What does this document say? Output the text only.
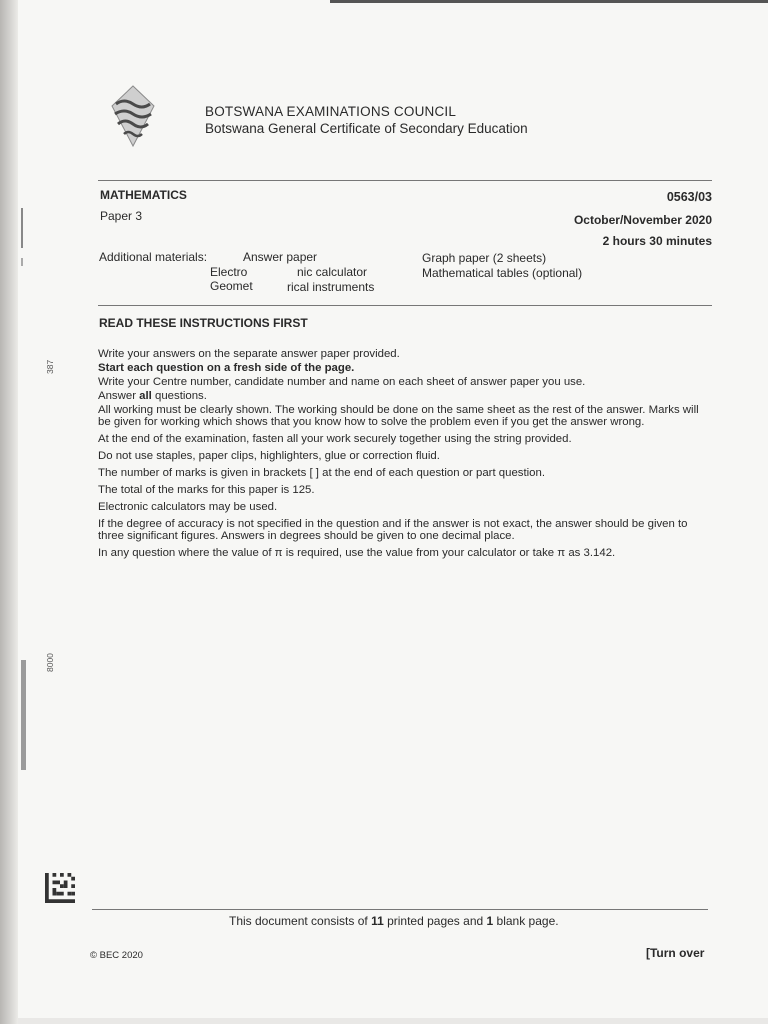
BOTSWANA EXAMINATIONS COUNCIL
Botswana General Certificate of Secondary Education
MATHEMATICS
Paper 3
0563/03
October/November 2020
2 hours 30 minutes
Additional materials:	Answer paper
Electro	nic calculator
Geomet	rical instruments
Graph paper (2 sheets)
Mathematical tables (optional)
READ THESE INSTRUCTIONS FIRST

Write your answers on the separate answer paper provided.

Start each question on a fresh side of the page.

Write your Centre number, candidate number and name on each sheet of answer paper you use.

Answer all questions.

All working must be clearly shown. The working should be done on the same sheet as the rest of the answer. Marks will be given for working which shows that you know how to solve the problem even if you get the answer wrong.

At the end of the examination, fasten all your work securely together using the string provided.

Do not use staples, paper clips, highlighters, glue or correction fluid.

The number of marks is given in brackets [ ] at the end of each question or part question.

The total of the marks for this paper is 125.

Electronic calculators may be used.

If the degree of accuracy is not specified in the question and if the answer is not exact, the answer should be given to three significant figures. Answers in degrees should be given to one decimal place.

In any question where the value of π is required, use the value from your calculator or take π as 3.142.

387
8000
This document consists of 11 printed pages and 1 blank page.
© BEC 2020	[Turn over
